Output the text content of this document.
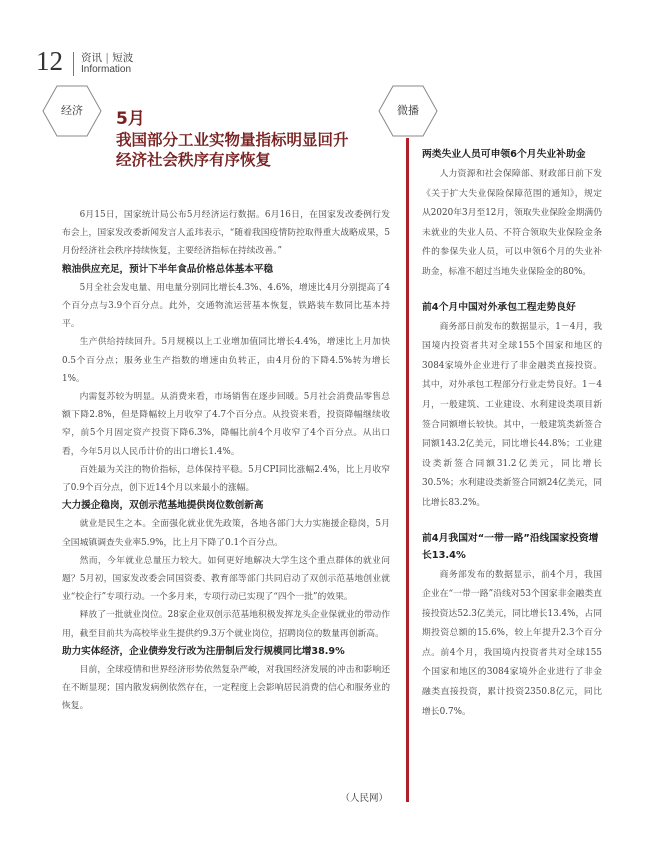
12 资讯 | 短波
Information
经济	微播
5月
我国部分工业实物量指标明显回升
经济社会秩序有序恢复

6月15日，国家统计局公布5月经济运行数据。6月16日，在国家发改委例行发布会上，国家发改委新闻发言人孟玮表示，“随着我国疫情防控取得重大战略成果，5月份经济社会秩序持续恢复，主要经济指标在持续改善。”

粮油供应充足，预计下半年食品价格总体基本平稳

5月全社会发电量、用电量分别同比增长4.3%、4.6%，增速比4月分别提高了4个百分点与3.9个百分点。此外，交通物流运营基本恢复，铁路装车数同比基本持平。

生产供给持续回升。5月规模以上工业增加值同比增长4.4%，增速比上月加快0.5个百分点；服务业生产指数的增速由负转正，由4月份的下降4.5%转为增长1%。

内需复苏较为明显。从消费来看，市场销售在逐步回暖。5月社会消费品零售总额下降2.8%，但是降幅较上月收窄了4.7个百分点。从投资来看，投资降幅继续收窄，前5个月固定资产投资下降6.3%，降幅比前4个月收窄了4个百分点。从出口看，今年5月以人民币计价的出口增长1.4%。

百姓最为关注的物价指标，总体保持平稳。5月CPI同比涨幅2.4%，比上月收窄了0.9个百分点，创下近14个月以来最小的涨幅。

大力援企稳岗，双创示范基地提供岗位数创新高

就业是民生之本。全面强化就业优先政策，各地各部门大力实施援企稳岗，5月全国城镇调查失业率5.9%，比上月下降了0.1个百分点。

然而，今年就业总量压力较大。如何更好地解决大学生这个重点群体的就业问题？5月初，国家发改委会同国资委、教育部等部门共同启动了双创示范基地创业就业“校企行”专项行动。一个多月来，专项行动已实现了“四个一批”的效果。

释放了一批就业岗位。28家企业双创示范基地积极发挥龙头企业保就业的带动作用，截至目前共为高校毕业生提供约9.3万个就业岗位，招聘岗位的数量再创新高。

助力实体经济，企业债券发行改为注册制后发行规模同比增38.9%

目前，全球疫情和世界经济形势依然复杂严峻，对我国经济发展的冲击和影响还在不断显现；国内散发病例依然存在，一定程度上会影响居民消费的信心和服务业的恢复。

（人民网）
两类失业人员可申领6个月失业补助金

人力资源和社会保障部、财政部日前下发《关于扩大失业保险保障范围的通知》，规定从2020年3月至12月，领取失业保险金期满仍未就业的失业人员、不符合领取失业保险金条件的参保失业人员，可以申领6个月的失业补助金，标准不超过当地失业保险金的80%。

前4个月中国对外承包工程走势良好

商务部日前发布的数据显示，1－4月，我国境内投资者共对全球155个国家和地区的3084家境外企业进行了非金融类直接投资。其中，对外承包工程部分行业走势良好。1－4月，一般建筑、工业建设、水利建设类项目新签合同额增长较快。其中，一般建筑类新签合同额143.2亿美元，同比增长44.8%；工业建设类新签合同额31.2亿美元，同比增长30.5%；水利建设类新签合同额24亿美元，同比增长83.2%。

前4月我国对“一带一路”沿线国家投资增长13.4%

商务部发布的数据显示，前4个月，我国企业在“一带一路”沿线对53个国家非金融类直接投资达52.3亿美元，同比增长13.4%，占同期投资总额的15.6%，较上年提升2.3个百分点。前4个月，我国境内投资者共对全球155个国家和地区的3084家境外企业进行了非金融类直接投资，累计投资2350.8亿元，同比增长0.7%。
